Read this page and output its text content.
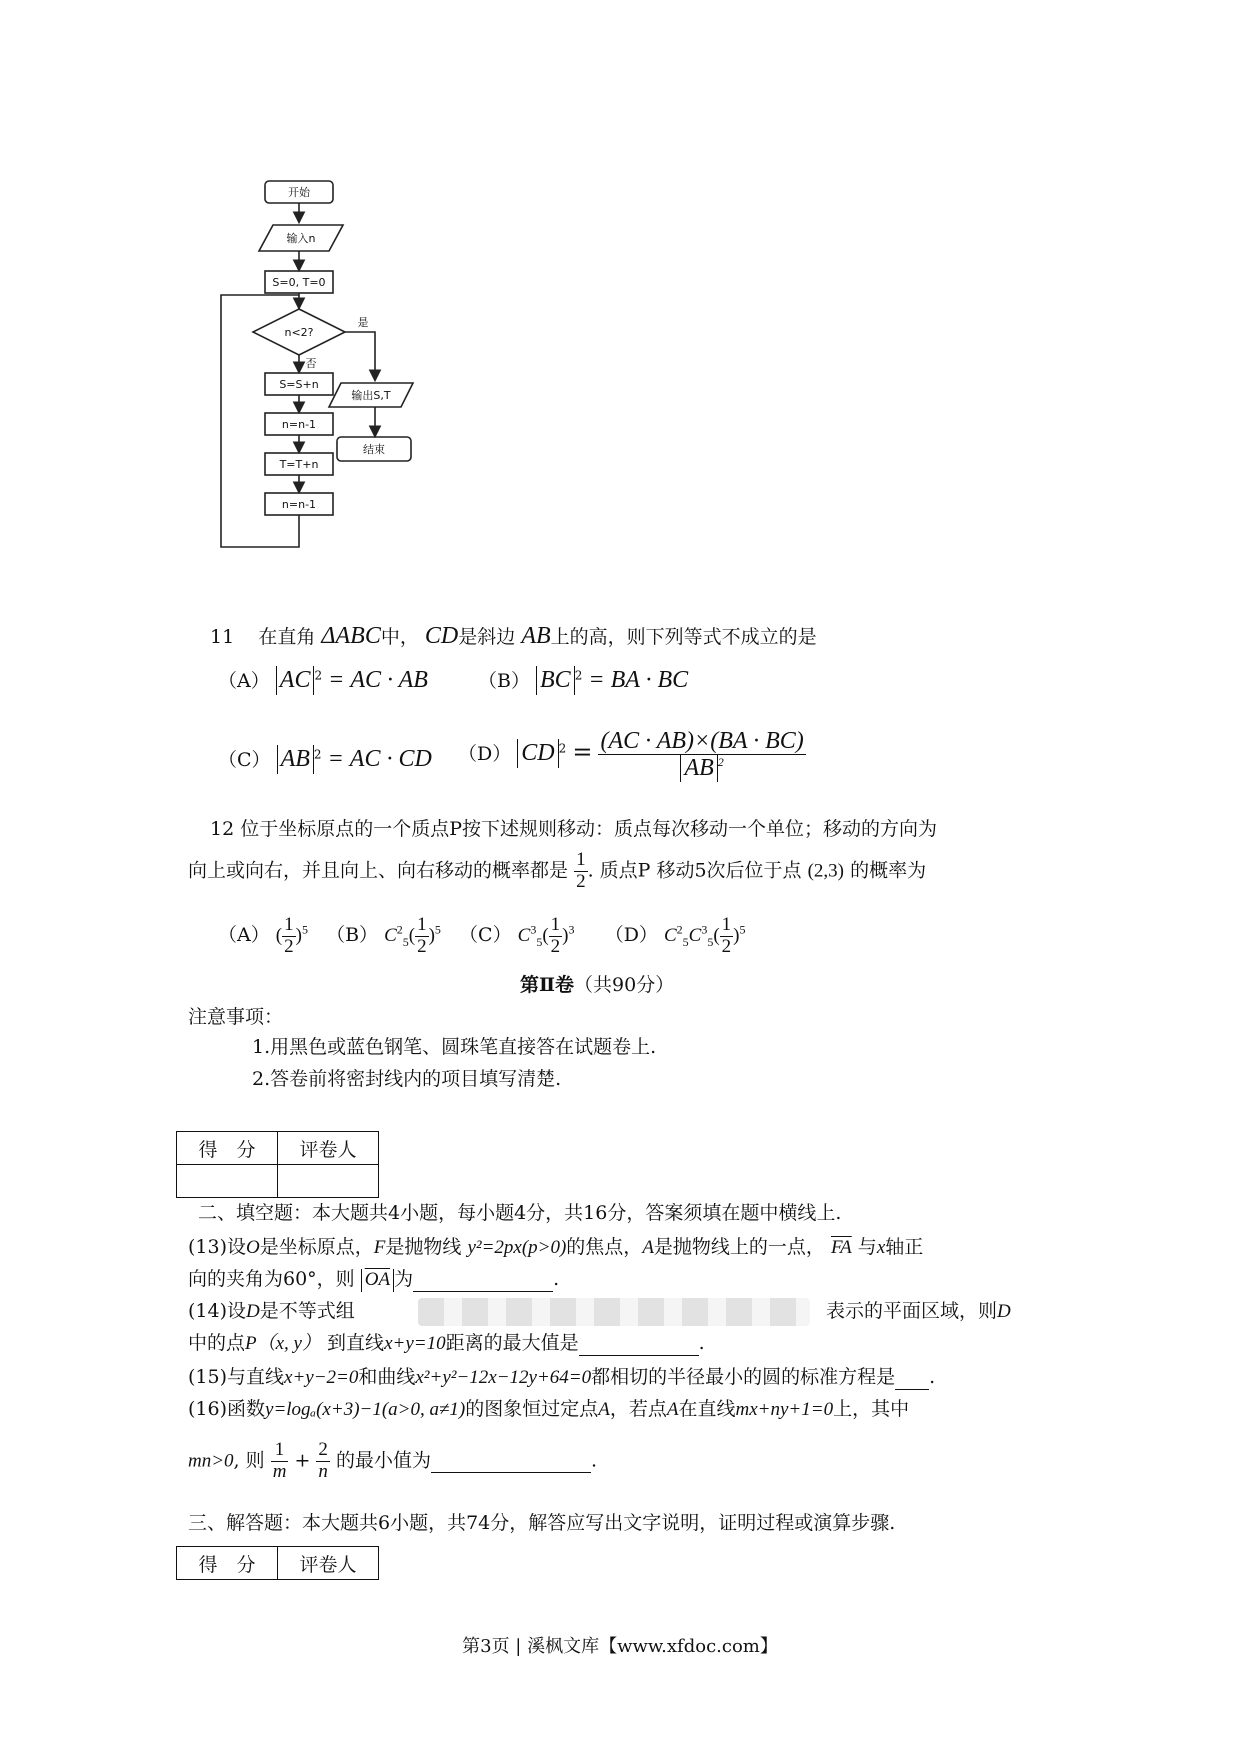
开始
输入n
S=0, T=0
n<2?
否
是
S=S+n
n=n-1
T=T+n
n=n-1
输出S,T
结束
11 在直角 ΔABC中， CD是斜边 AB上的高，则下列等式不成立的是
（A） AC $^2$ = AC · AB	（B） BC $^2$ = BA · BC
（C） AB $^2$ = AC · CD （D） CD $^2 = \frac{(AC \cdot AB)\times(BA \cdot BC)}{AB ^2}$
12 位于坐标原点的一个质点P按下述规则移动：质点每次移动一个单位；移动的方向为
向上或向右，并且向上、向右移动的概率都是 $\frac{1}{2}$ . 质点P 移动5次后位于点 (2,3) 的概率为
（A） ( $\frac{1}{2} )^5$ （B） $C^2_5( \frac{1}{2} )^5$ （C） $C^3_5( \frac{1}{2} )^3$ （D） $C^2_5C^3_5( \frac{1}{2} )^5$
第Ⅱ卷（共90分）
注意事项：
1.用黑色或蓝色钢笔、圆珠笔直接答在试题卷上.
2.答卷前将密封线内的项目填写清楚.
得　分	评卷人

二、填空题：本大题共4小题，每小题4分，共16分，答案须填在题中横线上.
(13)设O是坐标原点，F是抛物线 y²=2px(p>0)的焦点，A是抛物线上的一点， $\overline{FA}$ 与x轴正
向的夹角为60°，则 $\overline{OA}$ 为	.
(14)设D是不等式组	表示的平面区域，则D
中的点P（x, y） 到直线x+y=10距离的最大值是	.
(15)与直线x+y−2=0和曲线x²+y²−12x−12y+64=0都相切的半径最小的圆的标准方程是 .
(16)函数y=logₐ(x+3)−1(a>0, a≠1)的图象恒过定点A，若点A在直线mx+ny+1=0上，其中
mn>0, 则 $\frac{1}{m} + \frac{2}{n}$ 的最小值为	.
三、解答题：本大题共6小题，共74分，解答应写出文字说明，证明过程或演算步骤.
得　分	评卷人
第3页 | 溪枫文库【www.xfdoc.com】
